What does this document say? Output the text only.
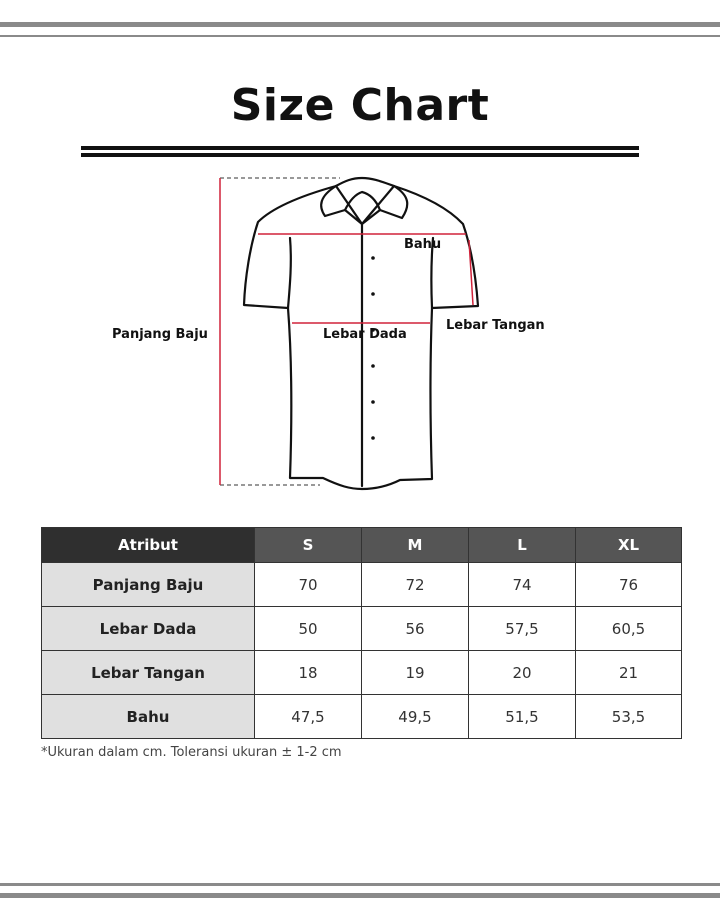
Size Chart
Panjang Baju	Lebar Dada
Bahu
Lebar Tangan
Atribut	S	M	L	XL
Panjang Baju	70	72	74	76
Lebar Dada	50	56	57,5	60,5
Lebar Tangan	18	19	20	21
Bahu	47,5	49,5	51,5	53,5
*Ukuran dalam cm. Toleransi ukuran ± 1-2 cm
